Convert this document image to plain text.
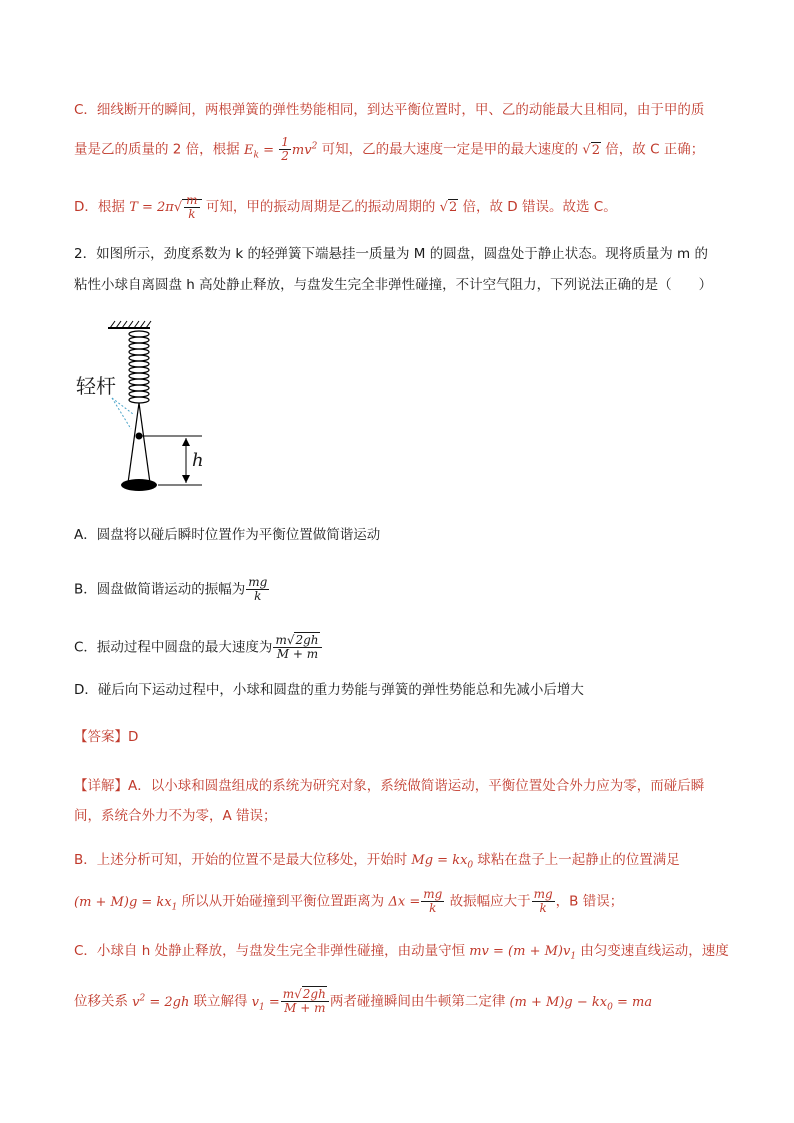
C．细线断开的瞬间，两根弹簧的弹性势能相同，到达平衡位置时，甲、乙的动能最大且相同，由于甲的质
量是乙的质量的 2 倍，根据 $E_k = \frac{1}{2} mv^2$ 可知，乙的最大速度一定是甲的最大速度的 √2 倍，故 C 正确；
D．根据 $T = 2\pi√ \frac{m}{k}$ 可知，甲的振动周期是乙的振动周期的 √2 倍，故 D 错误。故选 C。
2．如图所示，劲度系数为 k 的轻弹簧下端悬挂一质量为 M 的圆盘，圆盘处于静止状态。现将质量为 m 的
粘性小球自离圆盘 h 高处静止释放，与盘发生完全非弹性碰撞，不计空气阻力，下列说法正确的是（　　）
轻杆
h
A．圆盘将以碰后瞬时位置作为平衡位置做简谐运动
B．圆盘做简谐运动的振幅为 $\frac{mg}{k}$
C．振动过程中圆盘的最大速度为 $\frac{m√2gh}{M + m}$
D．碰后向下运动过程中，小球和圆盘的重力势能与弹簧的弹性势能总和先减小后增大
【答案】D
【详解】A．以小球和圆盘组成的系统为研究对象，系统做简谐运动，平衡位置处合外力应为零，而碰后瞬
间，系统合外力不为零，A 错误；
B．上述分析可知，开始的位置不是最大位移处，开始时 $Mg = kx_0$ 球粘在盘子上一起静止的位置满足
$(m + M)g = kx_1$ 所以从开始碰撞到平衡位置距离为 $\Delta x = \frac{mg}{k}$ 故振幅应大于 $\frac{mg}{k}$ ，B 错误；
C．小球自 h 处静止释放，与盘发生完全非弹性碰撞，由动量守恒 mv = $(m + M)v_1$ 由匀变速直线运动，速度
位移关系 $v^2 = 2gh$ 联立解得 $v_1 = \frac{m√2gh}{M + m}$ 两者碰撞瞬间由牛顿第二定律 $(m + M)g - kx_0$ = ma
